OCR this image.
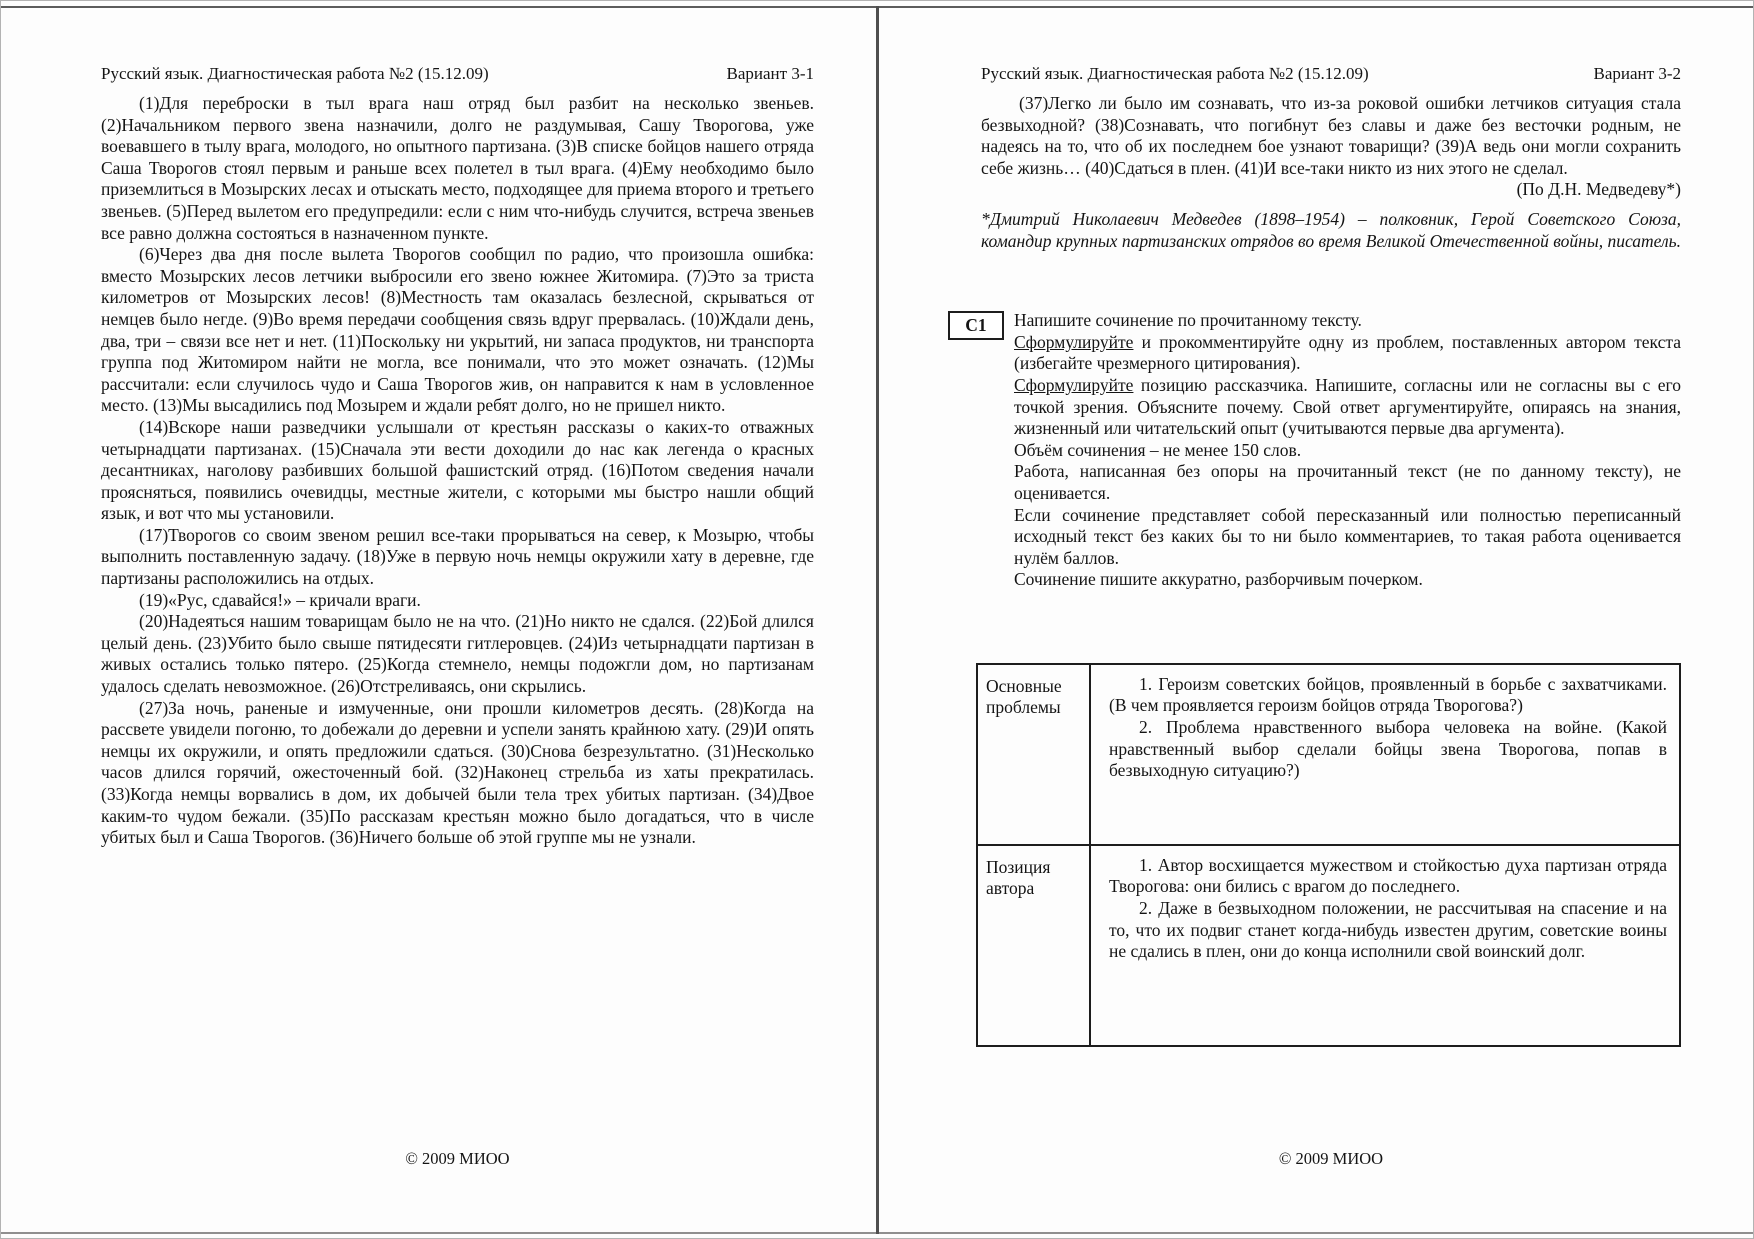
Русский язык. Диагностическая работа №2 (15.12.09)	Вариант 3-1

(1)Для переброски в тыл врага наш отряд был разбит на несколько звеньев. (2)Начальником первого звена назначили, долго не раздумывая, Сашу Творогова, уже воевавшего в тылу врага, молодого, но опытного партизана. (3)В списке бойцов нашего отряда Саша Творогов стоял первым и раньше всех полетел в тыл врага. (4)Ему необходимо было приземлиться в Мозырских лесах и отыскать место, подходящее для приема второго и третьего звеньев. (5)Перед вылетом его предупредили: если с ним что-нибудь случится, встреча звеньев все равно должна состояться в назначенном пункте.

(6)Через два дня после вылета Творогов сообщил по радио, что произошла ошибка: вместо Мозырских лесов летчики выбросили его звено южнее Житомира. (7)Это за триста километров от Мозырских лесов! (8)Местность там оказалась безлесной, скрываться от немцев было негде. (9)Во время передачи сообщения связь вдруг прервалась. (10)Ждали день, два, три – связи все нет и нет. (11)Поскольку ни укрытий, ни запаса продуктов, ни транспорта группа под Житомиром найти не могла, все понимали, что это может означать. (12)Мы рассчитали: если случилось чудо и Саша Творогов жив, он направится к нам в условленное место. (13)Мы высадились под Мозырем и ждали ребят долго, но не пришел никто.

(14)Вскоре наши разведчики услышали от крестьян рассказы о каких-то отважных четырнадцати партизанах. (15)Сначала эти вести доходили до нас как легенда о красных десантниках, наголову разбивших большой фашистский отряд. (16)Потом сведения начали проясняться, появились очевидцы, местные жители, с которыми мы быстро нашли общий язык, и вот что мы установили.

(17)Творогов со своим звеном решил все-таки прорываться на север, к Мозырю, чтобы выполнить поставленную задачу. (18)Уже в первую ночь немцы окружили хату в деревне, где партизаны расположились на отдых.

(19)«Рус, сдавайся!» – кричали враги.

(20)Надеяться нашим товарищам было не на что. (21)Но никто не сдался. (22)Бой длился целый день. (23)Убито было свыше пятидесяти гитлеровцев. (24)Из четырнадцати партизан в живых остались только пятеро. (25)Когда стемнело, немцы подожгли дом, но партизанам удалось сделать невозможное. (26)Отстреливаясь, они скрылись.

(27)За ночь, раненые и измученные, они прошли километров десять. (28)Когда на рассвете увидели погоню, то добежали до деревни и успели занять крайнюю хату. (29)И опять немцы их окружили, и опять предложили сдаться. (30)Снова безрезультатно. (31)Несколько часов длился горячий, ожесточенный бой. (32)Наконец стрельба из хаты прекратилась. (33)Когда немцы ворвались в дом, их добычей были тела трех убитых партизан. (34)Двое каким-то чудом бежали. (35)По рассказам крестьян можно было догадаться, что в числе убитых был и Саша Творогов. (36)Ничего больше об этой группе мы не узнали.

© 2009 МИОО
Русский язык. Диагностическая работа №2 (15.12.09)	Вариант 3-2

(37)Легко ли было им сознавать, что из-за роковой ошибки летчиков ситуация стала безвыходной? (38)Сознавать, что погибнут без славы и даже без весточки родным, не надеясь на то, что об их последнем бое узнают товарищи? (39)А ведь они могли сохранить себе жизнь… (40)Сдаться в плен. (41)И все-таки никто из них этого не сделал.

(По Д.Н. Медведеву*)

*Дмитрий Николаевич Медведев (1898–1954) – полковник, Герой Советского Союза, командир крупных партизанских отрядов во время Великой Отечественной войны, писатель.

С1	Напишите сочинение по прочитанному тексту.
Сформулируйте и прокомментируйте одну из проблем, поставленных автором текста (избегайте чрезмерного цитирования).
Сформулируйте позицию рассказчика. Напишите, согласны или не согласны вы с его точкой зрения. Объясните почему. Свой ответ аргументируйте, опираясь на знания, жизненный или читательский опыт (учитываются первые два аргумента).
Объём сочинения – не менее 150 слов.
Работа, написанная без опоры на прочитанный текст (не по данному тексту), не оценивается.
Если сочинение представляет собой пересказанный или полностью переписанный исходный текст без каких бы то ни было комментариев, то такая работа оценивается нулём баллов.
Сочинение пишите аккуратно, разборчивым почерком.
Основные проблемы	1. Героизм советских бойцов, проявленный в борьбе с захватчиками. (В чем проявляется героизм бойцов отряда Творогова?)

2. Проблема нравственного выбора человека на войне. (Какой нравственный выбор сделали бойцы звена Творогова, попав в безвыходную ситуацию?)

Позиция автора	1. Автор восхищается мужеством и стойкостью духа партизан отряда Творогова: они бились с врагом до последнего.

2. Даже в безвыходном положении, не рассчитывая на спасение и на то, что их подвиг станет когда-нибудь известен другим, советские воины не сдались в плен, они до конца исполнили свой воинский долг.

© 2009 МИОО
